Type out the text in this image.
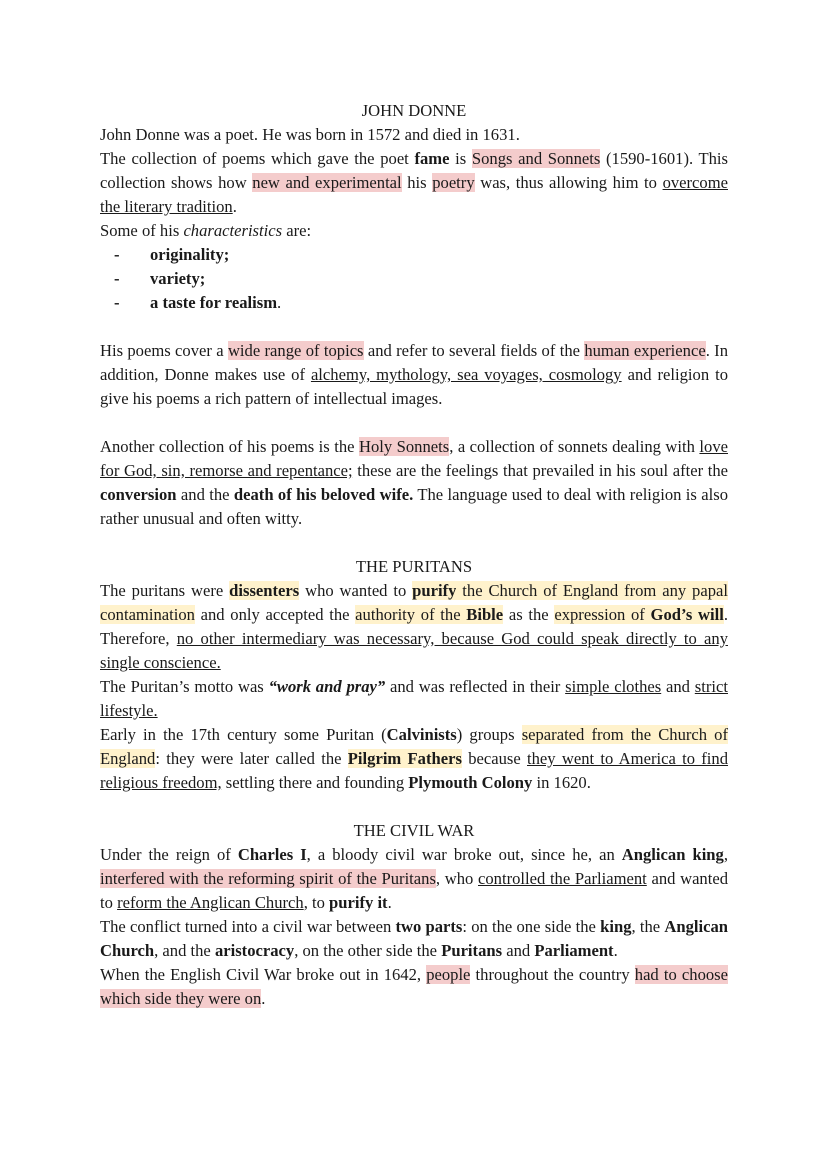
JOHN DONNE

John Donne was a poet. He was born in 1572 and died in 1631.

The collection of poems which gave the poet fame is Songs and Sonnets (1590-1601). This collection shows how new and experimental his poetry was, thus allowing him to overcome the literary tradition.

Some of his characteristics are:

- originality;
- variety;
- a taste for realism.

His poems cover a wide range of topics and refer to several fields of the human experience. In addition, Donne makes use of alchemy, mythology, sea voyages, cosmology and religion to give his poems a rich pattern of intellectual images.

Another collection of his poems is the Holy Sonnets, a collection of sonnets dealing with love for God, sin, remorse and repentance; these are the feelings that prevailed in his soul after the conversion and the death of his beloved wife. The language used to deal with religion is also rather unusual and often witty.

THE PURITANS

The puritans were dissenters who wanted to purify the Church of England from any papal contamination and only accepted the authority of the Bible as the expression of God’s will. Therefore, no other intermediary was necessary, because God could speak directly to any single conscience.

The Puritan’s motto was “work and pray” and was reflected in their simple clothes and strict lifestyle.

Early in the 17th century some Puritan (Calvinists) groups separated from the Church of England: they were later called the Pilgrim Fathers because they went to America to find religious freedom, settling there and founding Plymouth Colony in 1620.

THE CIVIL WAR

Under the reign of Charles I, a bloody civil war broke out, since he, an Anglican king, interfered with the reforming spirit of the Puritans, who controlled the Parliament and wanted to reform the Anglican Church, to purify it.

The conflict turned into a civil war between two parts: on the one side the king, the Anglican Church, and the aristocracy, on the other side the Puritans and Parliament.

When the English Civil War broke out in 1642, people throughout the country had to choose which side they were on.
